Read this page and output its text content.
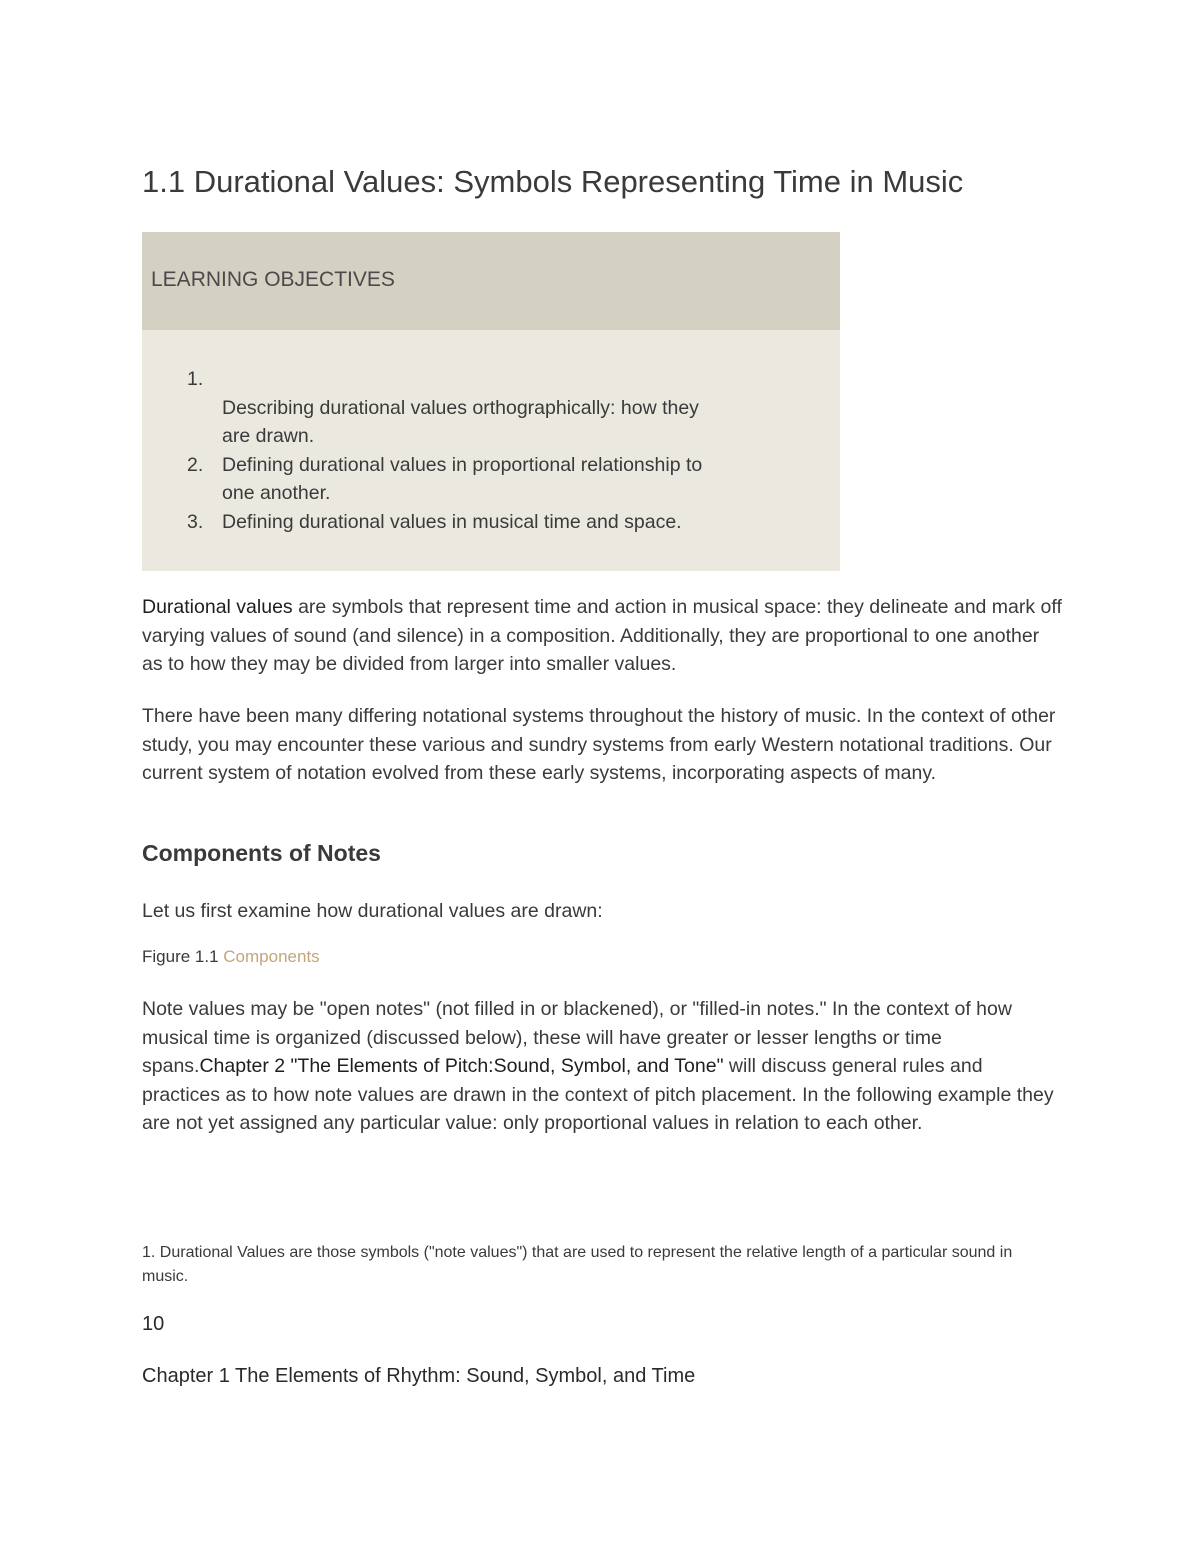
1.1 Durational Values: Symbols Representing Time in Music
LEARNING OBJECTIVES
1.
Describing durational values orthographically: how they are drawn.
2. Defining durational values in proportional relationship to one another.
3. Defining durational values in musical time and space.

Durational values are symbols that represent time and action in musical space: they delineate and mark off varying values of sound (and silence) in a composition. Additionally, they are proportional to one another as to how they may be divided from larger into smaller values.

There have been many differing notational systems throughout the history of music. In the context of other study, you may encounter these various and sundry systems from early Western notational traditions. Our current system of notation evolved from these early systems, incorporating aspects of many.

Components of Notes

Let us first examine how durational values are drawn:

Figure 1.1 Components

Note values may be "open notes" (not filled in or blackened), or "filled-in notes." In the context of how musical time is organized (discussed below), these will have greater or lesser lengths or time spans.Chapter 2 "The Elements of Pitch:Sound, Symbol, and Tone" will discuss general rules and practices as to how note values are drawn in the context of pitch placement. In the following example they are not yet assigned any particular value: only proportional values in relation to each other.

1. Durational Values are those symbols ("note values") that are used to represent the relative length of a particular sound in music.

10
Chapter 1 The Elements of Rhythm: Sound, Symbol, and Time
